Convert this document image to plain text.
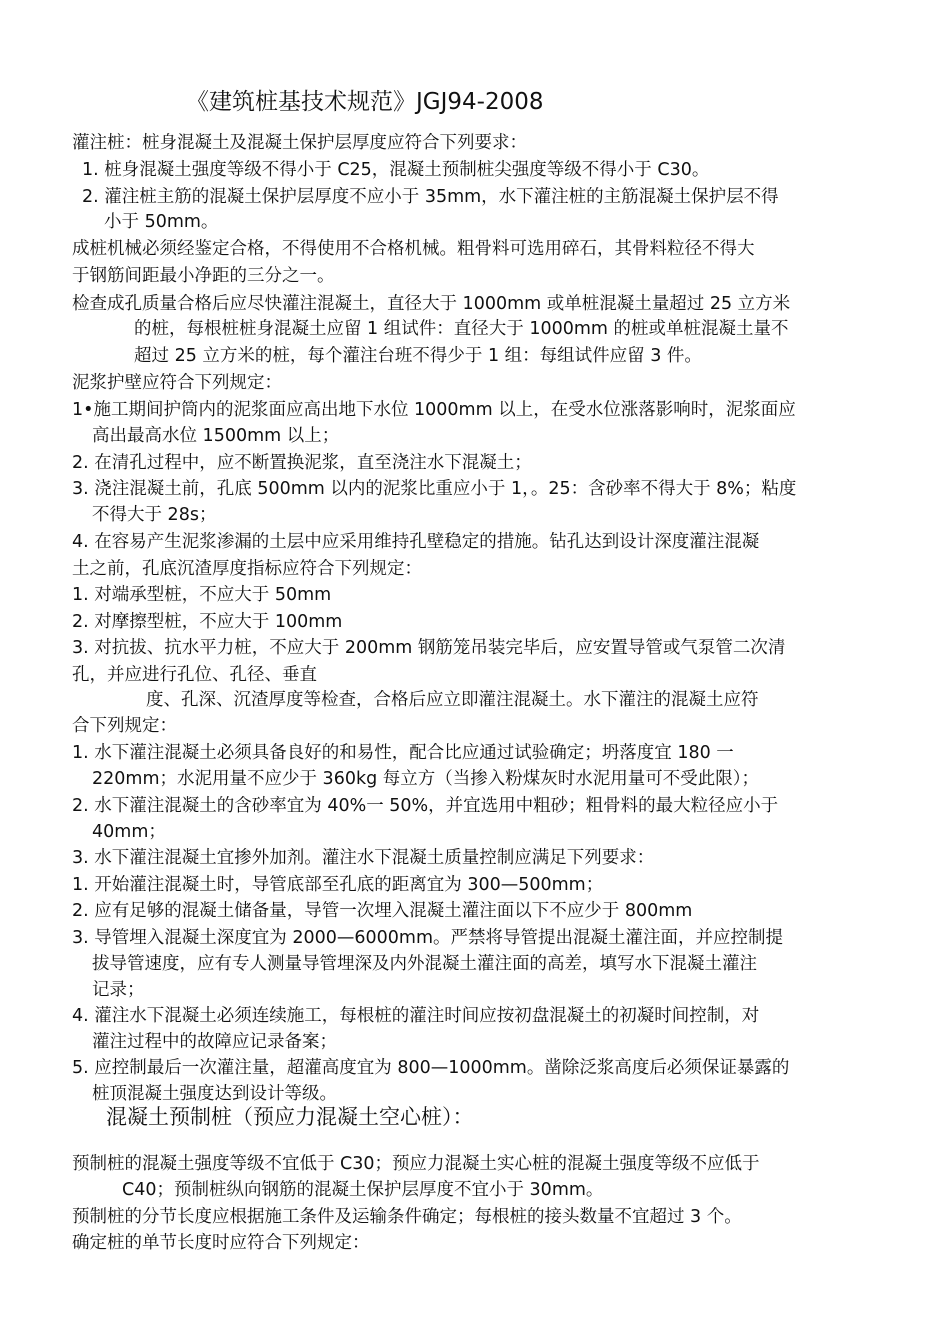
《建筑桩基技术规范》JGJ94-2008
灌注桩：桩身混凝土及混凝土保护层厚度应符合下列要求：
1. 桩身混凝土强度等级不得小于 C25，混凝土预制桩尖强度等级不得小于 C30。
2. 灌注桩主筋的混凝土保护层厚度不应小于 35mm，水下灌注桩的主筋混凝土保护层不得
小于 50mm。
成桩机械必须经鉴定合格，不得使用不合格机械。粗骨料可选用碎石，其骨料粒径不得大
于钢筋间距最小净距的三分之一。
检查成孔质量合格后应尽快灌注混凝土，直径大于 1000mm 或单桩混凝土量超过 25 立方米
的桩，每根桩桩身混凝土应留 1 组试件：直径大于 1000mm 的桩或单桩混凝土量不
超过 25 立方米的桩，每个灌注台班不得少于 1 组：每组试件应留 3 件。
泥浆护壁应符合下列规定：
1•施工期间护筒内的泥浆面应高出地下水位 1000mm 以上，在受水位涨落影响时，泥浆面应
高出最高水位 1500mm 以上；
2. 在清孔过程中，应不断置换泥浆，直至浇注水下混凝土；
3. 浇注混凝土前，孔底 500mm 以内的泥浆比重应小于 1，。25：含砂率不得大于 8%；粘度
不得大于 28s；
4. 在容易产生泥浆渗漏的土层中应采用维持孔壁稳定的措施。钻孔达到设计深度灌注混凝
土之前，孔底沉渣厚度指标应符合下列规定：
1. 对端承型桩，不应大于 50mm
2. 对摩擦型桩，不应大于 100mm
3. 对抗拔、抗水平力桩，不应大于 200mm 钢筋笼吊装完毕后，应安置导管或气泵管二次清
孔，并应进行孔位、孔径、垂直
度、孔深、沉渣厚度等检查，合格后应立即灌注混凝土。水下灌注的混凝土应符
合下列规定：
1. 水下灌注混凝土必须具备良好的和易性，配合比应通过试验确定；坍落度宜 180 一
220mm；水泥用量不应少于 360kg 每立方（当掺入粉煤灰时水泥用量可不受此限）；
2. 水下灌注混凝土的含砂率宜为 40%一 50%，并宜选用中粗砂；粗骨料的最大粒径应小于
40mm；
3. 水下灌注混凝土宜掺外加剂。灌注水下混凝土质量控制应满足下列要求：
1. 开始灌注混凝土时，导管底部至孔底的距离宜为 300—500mm；
2. 应有足够的混凝土储备量，导管一次埋入混凝土灌注面以下不应少于 800mm
3. 导管埋入混凝土深度宜为 2000—6000mm。严禁将导管提出混凝土灌注面，并应控制提
拔导管速度，应有专人测量导管埋深及内外混凝土灌注面的高差，填写水下混凝土灌注
记录；
4. 灌注水下混凝土必须连续施工，每根桩的灌注时间应按初盘混凝土的初凝时间控制，对
灌注过程中的故障应记录备案；
5. 应控制最后一次灌注量，超灌高度宜为 800—1000mm。凿除泛浆高度后必须保证暴露的
桩顶混凝土强度达到设计等级。
混凝土预制桩（预应力混凝土空心桩）：
预制桩的混凝土强度等级不宜低于 C30；预应力混凝土实心桩的混凝土强度等级不应低于
C40；预制桩纵向钢筋的混凝土保护层厚度不宜小于 30mm。
预制桩的分节长度应根据施工条件及运输条件确定；每根桩的接头数量不宜超过 3 个。
确定桩的单节长度时应符合下列规定：
